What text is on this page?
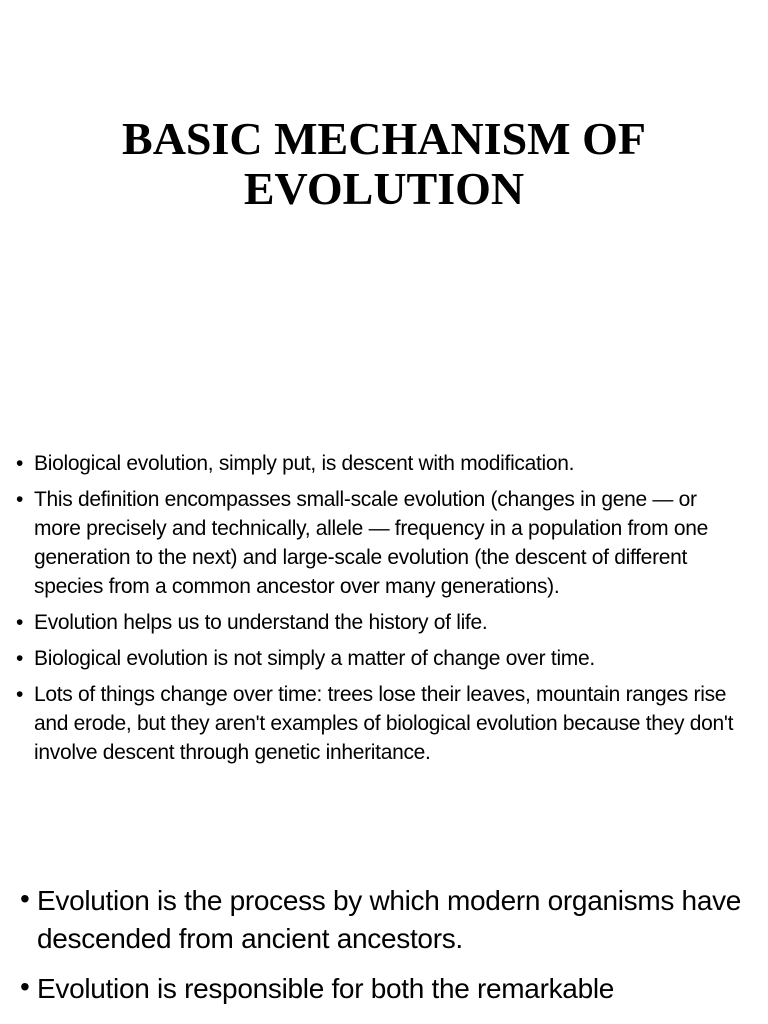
BASIC MECHANISM OF EVOLUTION
• Biological evolution, simply put, is descent with modification.
• This definition encompasses small-scale evolution (changes in gene — or more precisely and technically, allele — frequency in a population from one generation to the next) and large-scale evolution (the descent of different species from a common ancestor over many generations).
• Evolution helps us to understand the history of life.
• Biological evolution is not simply a matter of change over time.
• Lots of things change over time: trees lose their leaves, mountain ranges rise and erode, but they aren't examples of biological evolution because they don't involve descent through genetic inheritance.
• Evolution is the process by which modern organisms have descended from ancient ancestors.
• Evolution is responsible for both the remarkable
